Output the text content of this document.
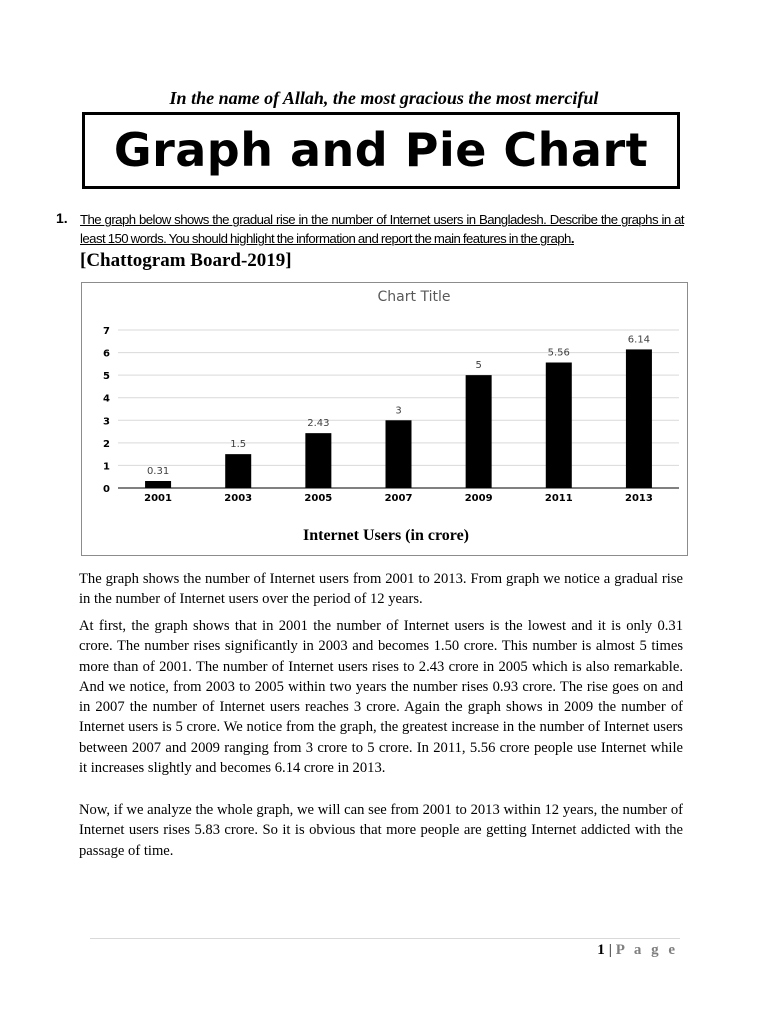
In the name of Allah, the most gracious the most merciful
Graph and Pie Chart
1. The graph below shows the gradual rise in the number of Internet users in Bangladesh. Describe the graphs in at least 150 words. You should highlight the information and report the main features in the graph.
[Chattogram Board-2019]
Chart Title
0
1
2
3
4
5
6
7
0.31
2001
1.5
2003
2.43
2005
3
2007
5
2009
5.56
2011
6.14
2013
Internet Users (in crore)
The graph shows the number of Internet users from 2001 to 2013. From graph we notice a gradual rise in the number of Internet users over the period of 12 years.
At first, the graph shows that in 2001 the number of Internet users is the lowest and it is only 0.31 crore. The number rises significantly in 2003 and becomes 1.50 crore. This number is almost 5 times more than of 2001. The number of Internet users rises to 2.43 crore in 2005 which is also remarkable. And we notice, from 2003 to 2005 within two years the number rises 0.93 crore. The rise goes on and in 2007 the number of Internet users reaches 3 crore. Again the graph shows in 2009 the number of Internet users is 5 crore. We notice from the graph, the greatest increase in the number of Internet users between 2007 and 2009 ranging from 3 crore to 5 crore. In 2011, 5.56 crore people use Internet while it increases slightly and becomes 6.14 crore in 2013.
Now, if we analyze the whole graph, we will can see from 2001 to 2013 within 12 years, the number of Internet users rises 5.83 crore. So it is obvious that more people are getting Internet addicted with the passage of time.
1 | P a g e
